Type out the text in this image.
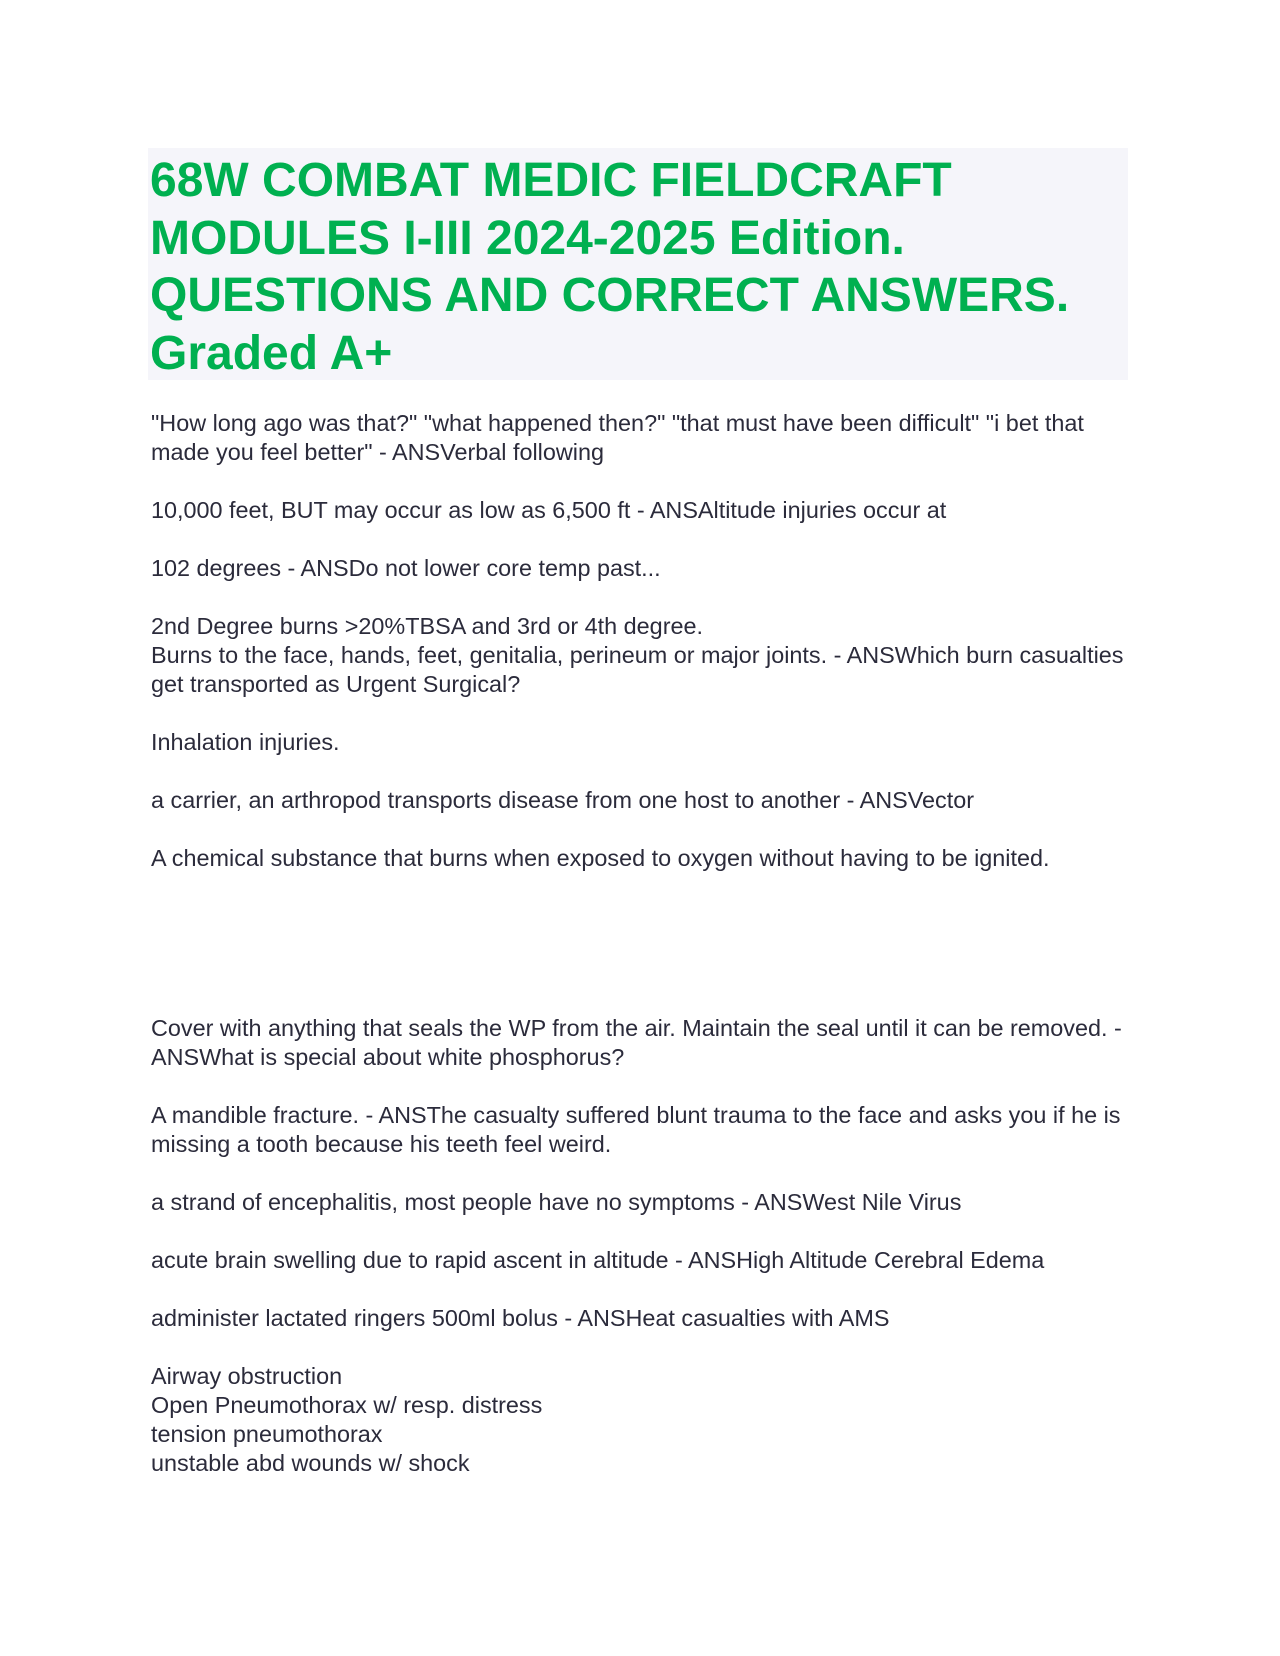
68W COMBAT MEDIC FIELDCRAFT MODULES I-III 2024-2025 Edition. QUESTIONS AND CORRECT ANSWERS. Graded A+

"How long ago was that?" "what happened then?" "that must have been difficult" "i bet that made you feel better" - ANSVerbal following

10,000 feet, BUT may occur as low as 6,500 ft - ANSAltitude injuries occur at

102 degrees - ANSDo not lower core temp past...

2nd Degree burns >20%TBSA and 3rd or 4th degree.
Burns to the face, hands, feet, genitalia, perineum or major joints. - ANSWhich burn casualties get transported as Urgent Surgical?

Inhalation injuries.

a carrier, an arthropod transports disease from one host to another - ANSVector

A chemical substance that burns when exposed to oxygen without having to be ignited.

Cover with anything that seals the WP from the air. Maintain the seal until it can be removed. - ANSWhat is special about white phosphorus?

A mandible fracture. - ANSThe casualty suffered blunt trauma to the face and asks you if he is missing a tooth because his teeth feel weird.

a strand of encephalitis, most people have no symptoms - ANSWest Nile Virus

acute brain swelling due to rapid ascent in altitude - ANSHigh Altitude Cerebral Edema

administer lactated ringers 500ml bolus - ANSHeat casualties with AMS

Airway obstruction
Open Pneumothorax w/ resp. distress
tension pneumothorax
unstable abd wounds w/ shock
